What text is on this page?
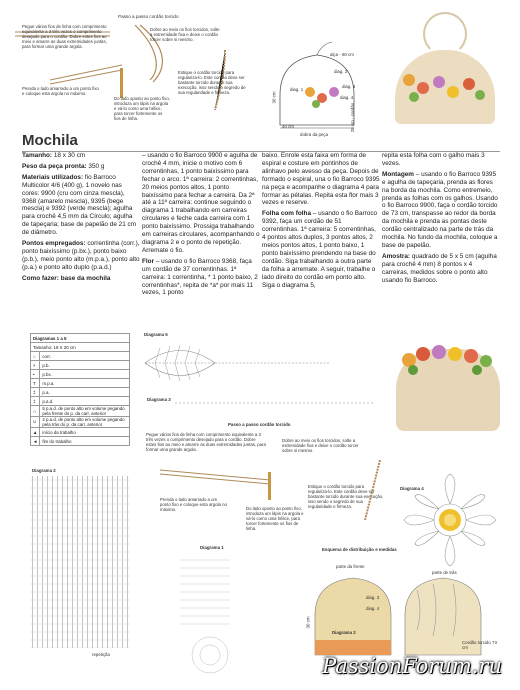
Passo a passo cordão torcido
Pegue vários fios de linha com comprimento equivalente a 3 três vezes o comprimento desejado para o cordão. Dobre estes fios ao meio e amarre as duas extremidades juntas, para formar uma grande argola.
Dobre ao meio os fios torcidos, solte a extremidade fixa e deixe o cordão torcer sobre si mesmo.
Prenda o lado amarrado a um ponto fixo e coloque esta argola no máximo.
Do lado oposto ao ponto fixo, introduza um lápis na argola e vá-lo como uma hélice, para torcer fortemente os fios de linha.
Estique o cordão torcido para regulariza-lo. Este cordão deve ser bastante torcido durante sua execução, isso sendo o segredo de sua regularidade e firmeza.
alça - 60 cm
diag. 2
diag. 1
diag. 3
diag. 4
40 cm
30 cm
dobra da peça
25 cm - cordão
Mochila

Tamanho: 18 x 30 cm

Peso da peça pronta: 350 g

Materiais utilizados: fio Barroco Multicolor 4/6 (400 g), 1 novelo nas cores: 9900 (cru com cinza mescla), 9368 (amarelo mescla), 9395 (bege mescla) e 9392 (verde mescla); agulha para crochê 4,5 mm da Círculo; agulha de tapeçaria; base de papelão de 21 cm de diâmetro.

Pontos empregados: correntinha (corr.), ponto baixíssimo (p.bx.), ponto baixo (p.b.), meio ponto alto (m.p.a.), ponto alto (p.a.) e ponto alto duplo (p.a.d.)

Como fazer: base da mochila

– usando o fio Barroco 9900 e agulha de crochê 4 mm, inicie o motivo com 6 correntinhas, 1 ponto baixíssimo para fechar o arco. 1ª carreira: 2 correntinhas, 20 meios pontos altos, 1 ponto baixíssimo para fechar a carreira. Da 2ª até a 11ª carreira: continue seguindo o diagrama 1 trabalhando em carreiras circulares e feche cada carreira com 1 ponto baixíssimo. Prossiga trabalhando em carreiras circulares, acompanhando o diagrama 2 e o ponto de repetição. Arremate o fio.

Flor – usando o fio Barroco 9368, faça um cordão de 37 correntinhas. 1ª carreira: 1 correntinha, * 1 ponto baixo, 2 correntinhas*, repita de *a* por mais 11 vezes, 1 ponto

baixo. Enrole esta faixa em forma de espiral e costure em pontinhos de alinhavo pelo avesso da peça. Depois de formado o espiral, una o fio Barroco 9395 na peça e acompanhe o diagrama 4 para formar as pétalas. Repita esta flor mais 3 vezes e reserve.

Folha com folha – usando o fio Barroco 9392, faça um cordão de 51 correntinhas. 1ª carreira: 5 correntinhas, 4 pontos altos duplos, 3 pontos altos, 2 meios pontos altos, 1 ponto baixo, 1 ponto baixíssimo prendendo na base do cordão. Siga trabalhando a outra parte da folha a arremate. A seguir, trabalhe o lado direito do cordão em ponto alto. Siga o diagrama 5,

repita esta folha com o galho mais 3 vezes.

Montagem – usando o fio Barroco 9395 e agulha de tapeçaria, prenda as flores na borda da mochila. Como entremeio, prenda as folhas com os galhos. Usando o fio Barroco 9900, faça o cordão torcido de 73 cm, transpasse ao redor da borda da mochila e prenda as pontas deste cordão centralizado na parte de trás da mochila. No fundo da mochila, coloque a base de papelão.

Amostra: quadrado de 5 x 5 cm (agulha para crochê 4 mm) 8 pontos x 4 carreiras, medidos sobre o ponto alto usando fio Barroco.

Diagramas 1 a 5	
Tamanho: 18 X 30 cm	
○	corr.
×	p.b.
•	p.bx.
T	m.p.a.
‡	p.a.
‡	p.a.d.
∩	5 p.a.d. de ponto alto em volume pegando pela frente do p. da carr. anterior
∪	2 p.a.d. de ponto alto em volume pegando pela trás do p. da carr. anterior
▲	início da trabalho
◄	fim do trabalho
Diagrama 5
Diagrama 3
Passo a passo cordão torcido
Pegue vários fios de linha com comprimento equivalente a 3 três vezes o comprimento desejado para o cordão. Dobre estes fios ao meio e amarre as duas extremidades juntas, para formar uma grande argola.
Dobre ao meio os fios torcidos, solte a extremidade fixa e deixe o cordão torcer sobre si mesmo.
Prenda o lado amarrado a um ponto fixo e coloque esta argola no máximo.	Do lado oposto ao ponto fixo, introduza um lápis na argola e vá-lo como uma hélice, para torcer fortemente os fios de linha.
Estique o cordão torcido para regulariza-lo. Este cordão deve ser bastante torcido durante sua execução, isso sendo o segredo de sua regularidade e firmeza.
Diagrama 2
repetição
Diagrama 4
Diagrama 1	Esquema de distribuição e medidas
parte da frente
parte de trás
diag. 3
diag. 4
Diagrama 2
30 cm
Cordão torcido 73 cm
PassionForum.ru
